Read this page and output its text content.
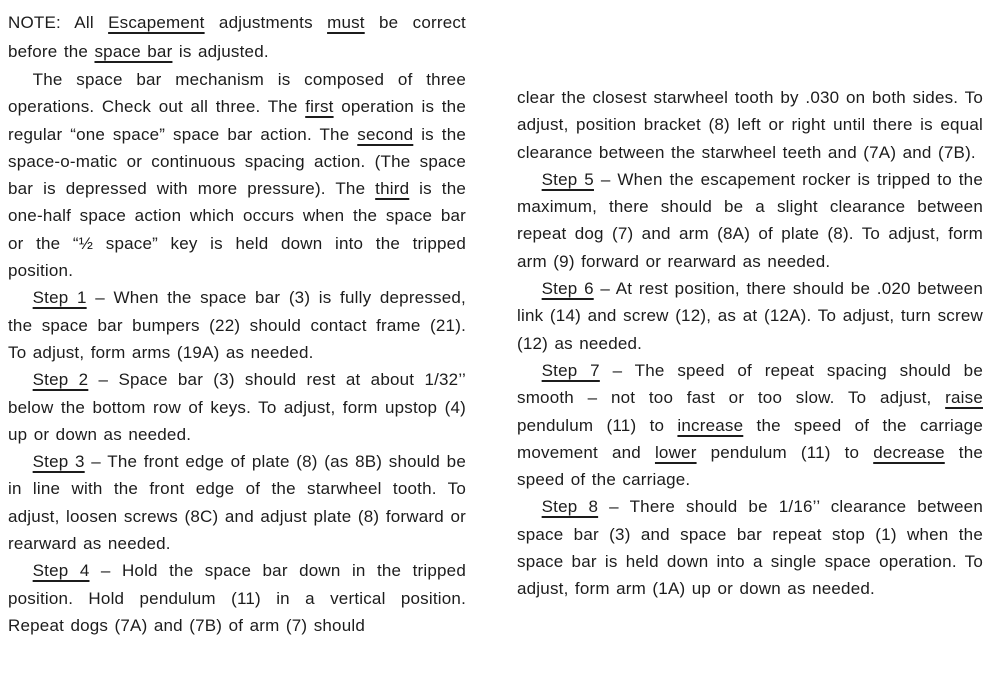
NOTE: All Escapement adjustments must be correct before the space bar is adjusted.

The space bar mechanism is composed of three operations. Check out all three. The first operation is the regular “one space” space bar action. The second is the space-o-matic or continuous spacing action. (The space bar is depressed with more pressure). The third is the one-half space action which occurs when the space bar or the “½ space” key is held down into the tripped position.

Step 1 – When the space bar (3) is fully depressed, the space bar bumpers (22) should contact frame (21). To adjust, form arms (19A) as needed.

Step 2 – Space bar (3) should rest at about 1/32’’ below the bottom row of keys. To adjust, form upstop (4) up or down as needed.

Step 3 – The front edge of plate (8) (as 8B) should be in line with the front edge of the starwheel tooth. To adjust, loosen screws (8C) and adjust plate (8) forward or rearward as needed.

Step 4 – Hold the space bar down in the tripped position. Hold pendulum (11) in a vertical position. Repeat dogs (7A) and (7B) of arm (7) should

clear the closest starwheel tooth by .030 on both sides. To adjust, position bracket (8) left or right until there is equal clearance between the starwheel teeth and (7A) and (7B).

Step 5 – When the escapement rocker is tripped to the maximum, there should be a slight clearance between repeat dog (7) and arm (8A) of plate (8). To adjust, form arm (9) forward or rearward as needed.

Step 6 – At rest position, there should be .020 between link (14) and screw (12), as at (12A). To adjust, turn screw (12) as needed.

Step 7 – The speed of repeat spacing should be smooth – not too fast or too slow. To adjust, raise pendulum (11) to increase the speed of the carriage movement and lower pendulum (11) to decrease the speed of the carriage.

Step 8 – There should be 1/16’’ clearance between space bar (3) and space bar repeat stop (1) when the space bar is held down into a single space operation. To adjust, form arm (1A) up or down as needed.
